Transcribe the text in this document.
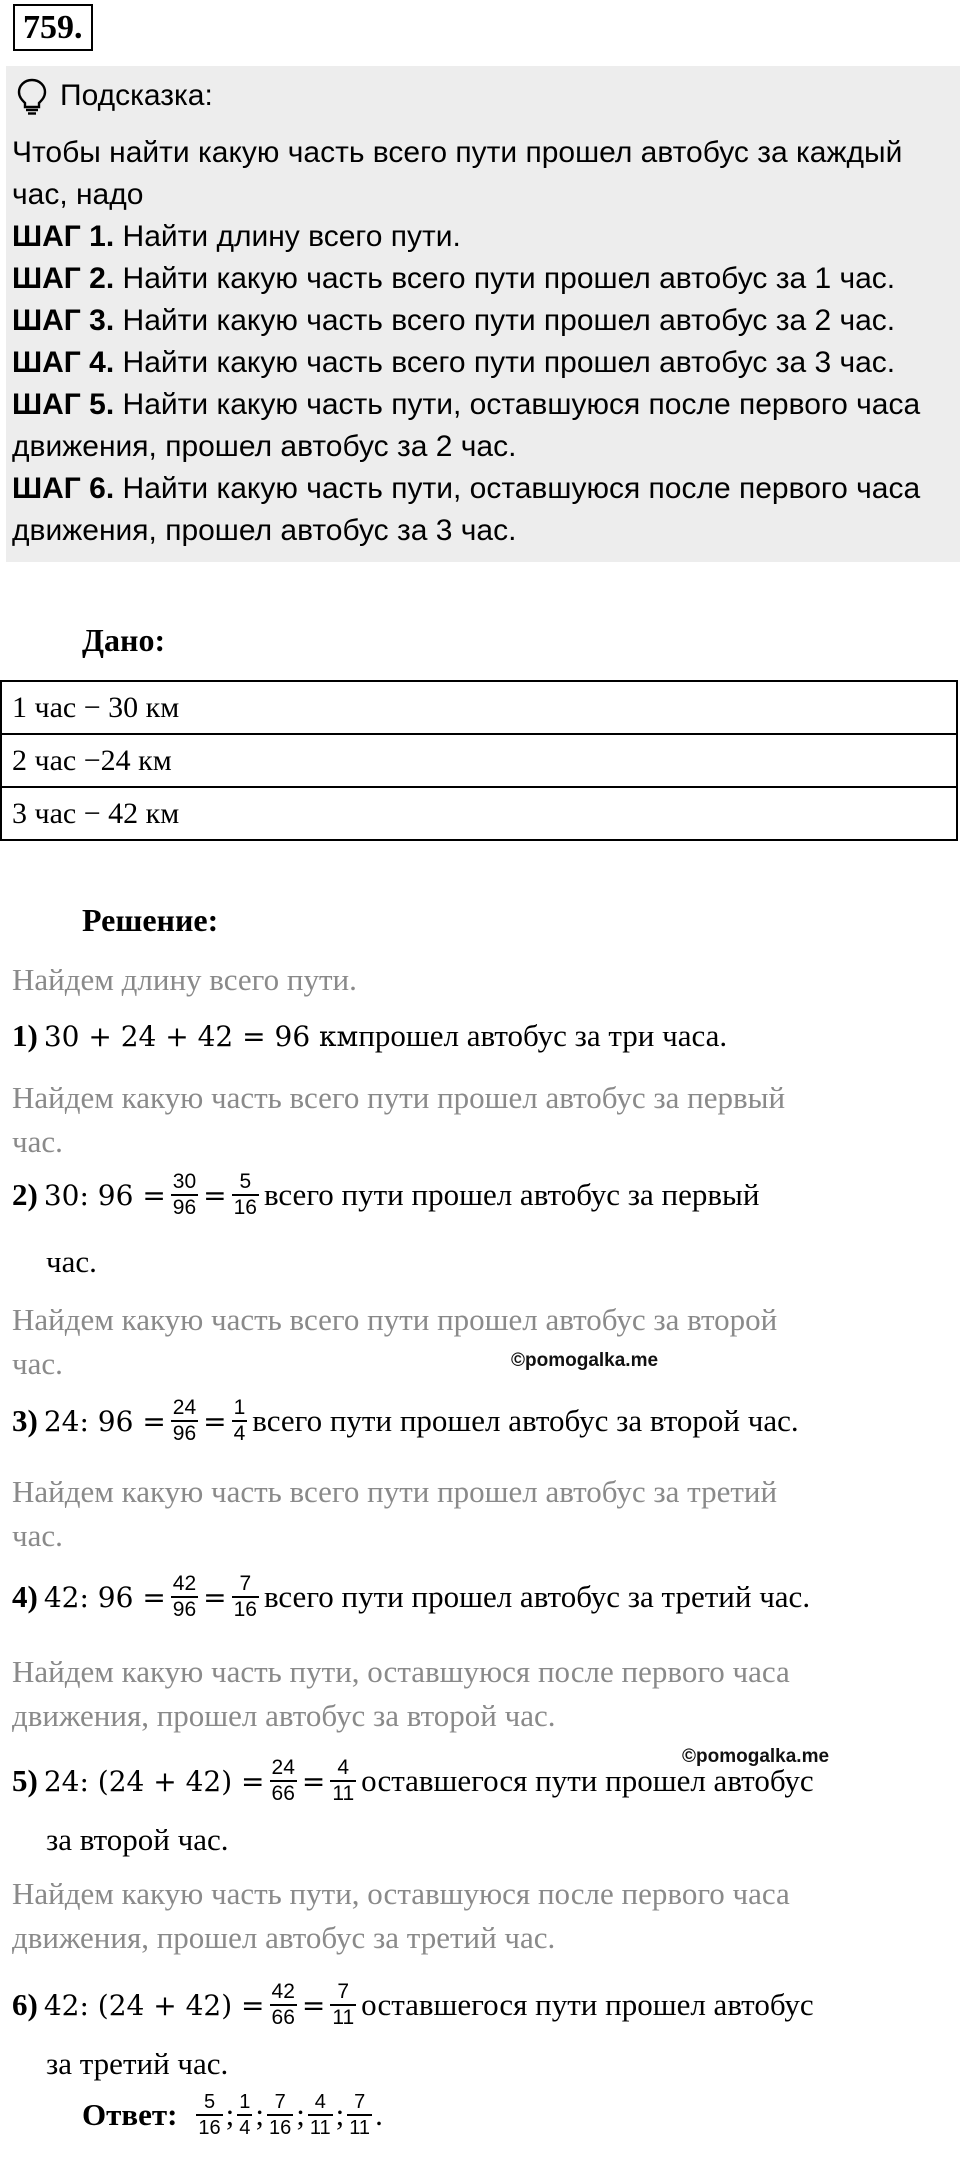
759.
Подсказка:
Чтобы найти какую часть всего пути прошел автобус за каждый
час, надо
ШАГ 1. Найти длину всего пути.
ШАГ 2. Найти какую часть всего пути прошел автобус за 1 час.
ШАГ 3. Найти какую часть всего пути прошел автобус за 2 час.
ШАГ 4. Найти какую часть всего пути прошел автобус за 3 час.
ШАГ 5. Найти какую часть пути, оставшуюся после первого часа
движения, прошел автобус за 2 час.
ШАГ 6. Найти какую часть пути, оставшуюся после первого часа
движения, прошел автобус за 3 час.
Дано:
1 час − 30 км
2 час −24 км
3 час − 42 км
Решение:
Найдем длину всего пути.
1) 30 + 24 + 42 = 96 км прошел автобус за три часа.
Найдем какую часть всего пути прошел автобус за первый
час.
2) 30: $96 = \frac{30}{96} = \frac{5}{16}$ всего пути прошел автобус за первый
час.
Найдем какую часть всего пути прошел автобус за второй
час.	©pomogalka.me
3) 24: $96 = \frac{24}{96} = \frac{1}{4}$ всего пути прошел автобус за второй час.
Найдем какую часть всего пути прошел автобус за третий
час.
4) 42: $96 = \frac{42}{96} = \frac{7}{16}$ всего пути прошел автобус за третий час.
Найдем какую часть пути, оставшуюся после первого часа
движения, прошел автобус за второй час.
©pomogalka.me
5) 24: $(24 + 42) = \frac{24}{66} = \frac{4}{11}$ оставшегося пути прошел автобус
за второй час.
Найдем какую часть пути, оставшуюся после первого часа
движения, прошел автобус за третий час.
6) 42: $(24 + 42) = \frac{42}{66} = \frac{7}{11}$ оставшегося пути прошел автобус
за третий час.
Ответ: $\frac{5}{16}$ ; $\frac{1}{4}$ ; $\frac{7}{16}$ ; $\frac{4}{11}$ ; $\frac{7}{11}$ .
